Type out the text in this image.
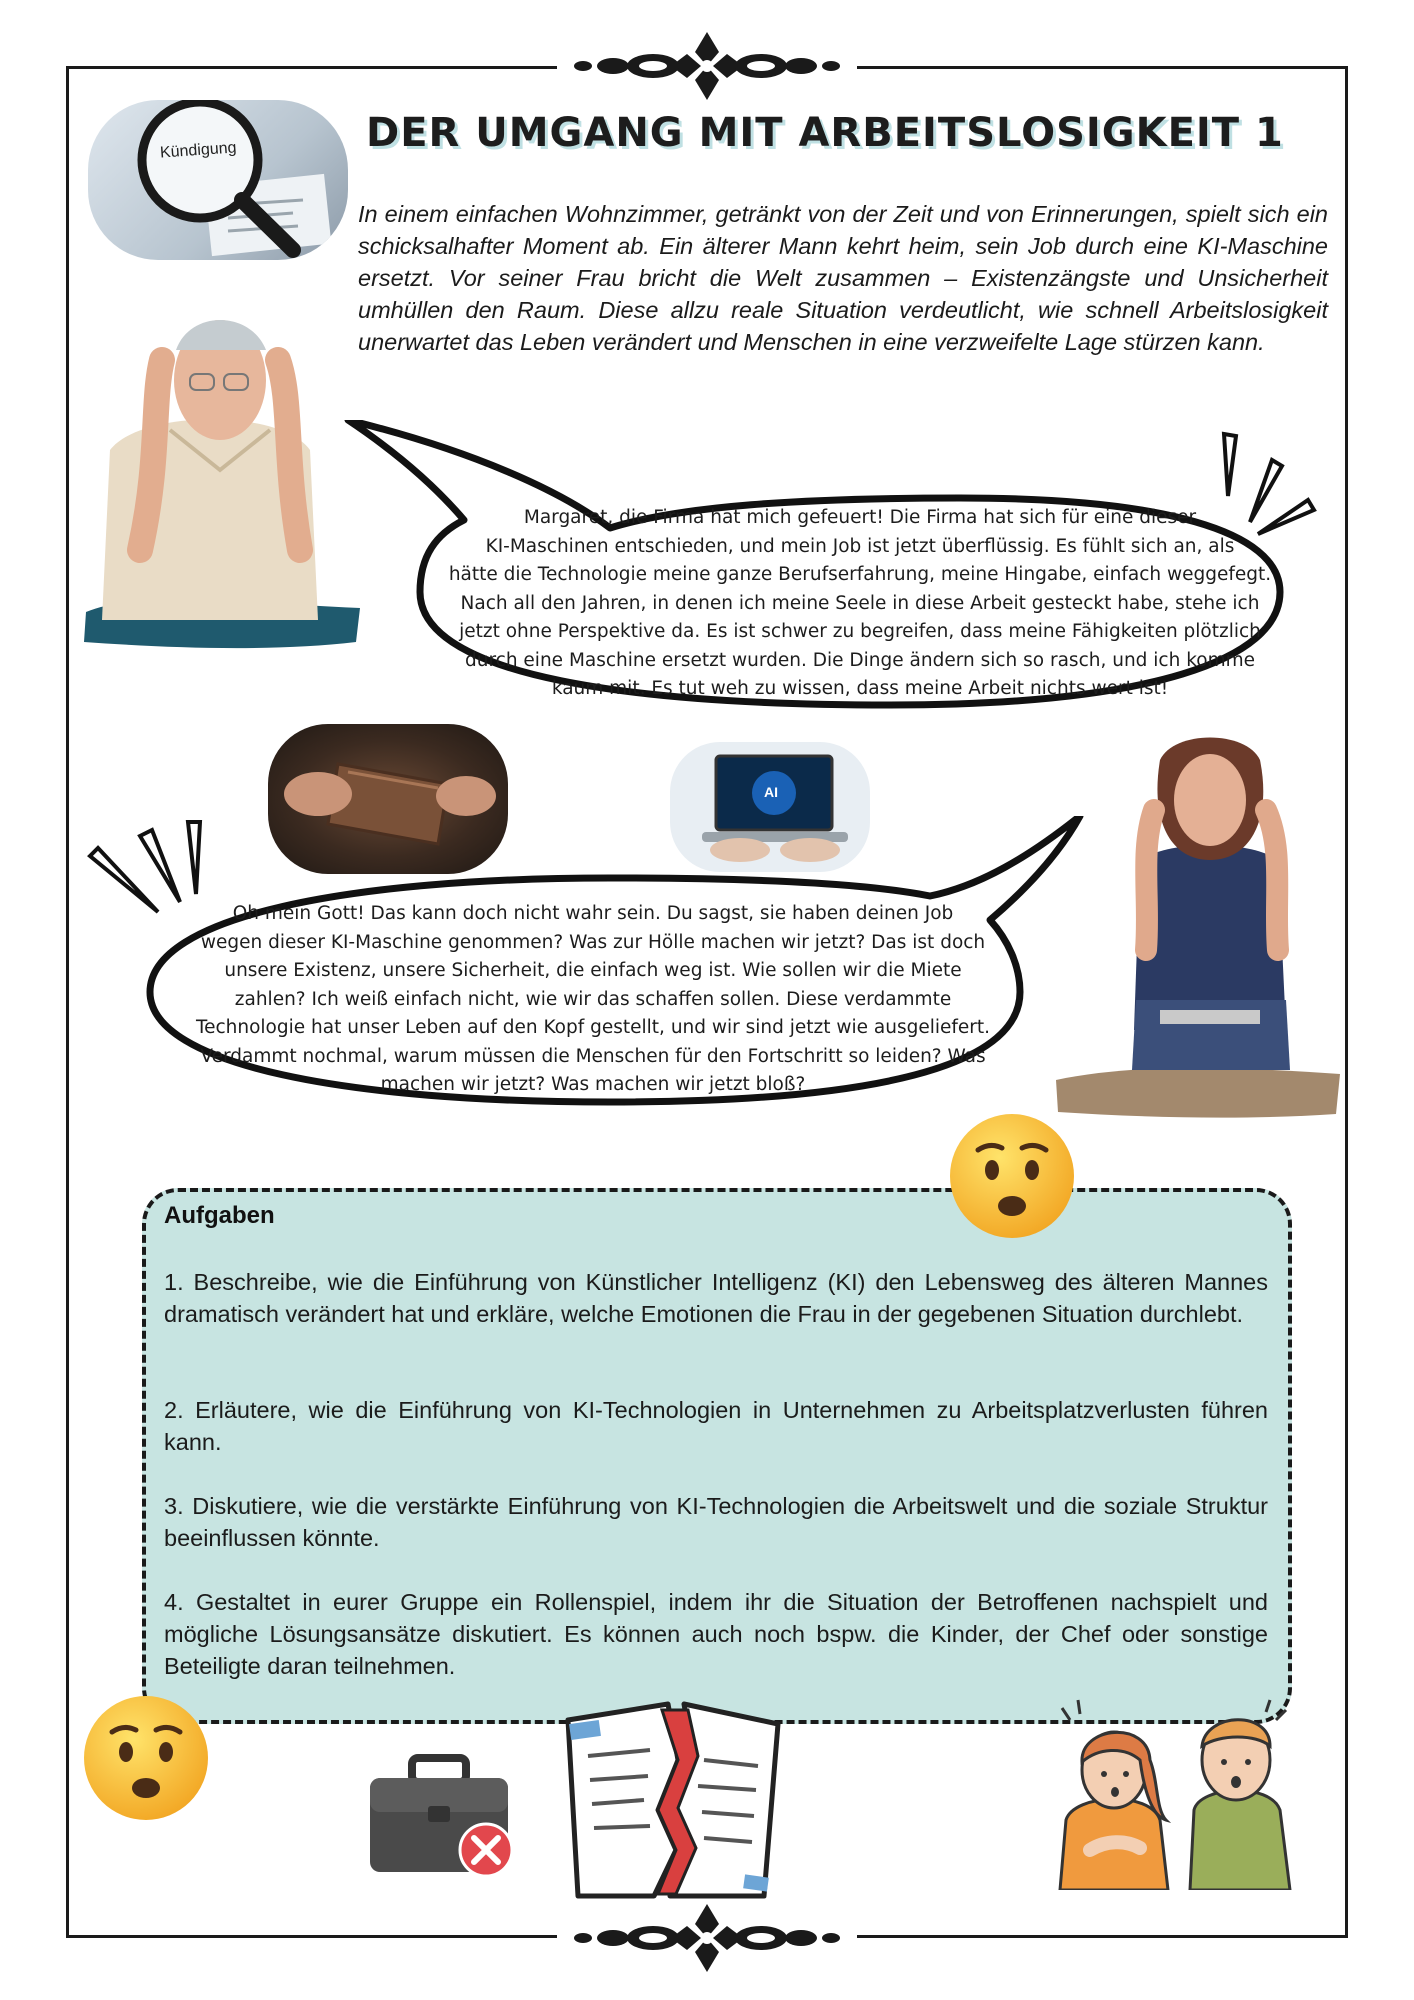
Kündigung	DER UMGANG MIT ARBEITSLOSIGKEIT 1
In einem einfachen Wohnzimmer, getränkt von der Zeit und von Erinnerungen, spielt sich ein schicksalhafter Moment ab. Ein älterer Mann kehrt heim, sein Job durch eine KI-Maschine ersetzt. Vor seiner Frau bricht die Welt zusammen – Existenzängste und Unsicherheit umhüllen den Raum. Diese allzu reale Situation verdeutlicht, wie schnell Arbeitslosigkeit unerwartet das Leben verändert und Menschen in eine verzweifelte Lage stürzen kann.
Margaret, die Firma hat mich gefeuert! Die Firma hat sich für eine dieser
KI-Maschinen entschieden, und mein Job ist jetzt überflüssig. Es fühlt sich an, als
hätte die Technologie meine ganze Berufserfahrung, meine Hingabe, einfach weggefegt.
Nach all den Jahren, in denen ich meine Seele in diese Arbeit gesteckt habe, stehe ich
jetzt ohne Perspektive da. Es ist schwer zu begreifen, dass meine Fähigkeiten plötzlich
durch eine Maschine ersetzt wurden. Die Dinge ändern sich so rasch, und ich komme
kaum mit. Es tut weh zu wissen, dass meine Arbeit nichts wert ist!
AI
Oh mein Gott! Das kann doch nicht wahr sein. Du sagst, sie haben deinen Job
wegen dieser KI-Maschine genommen? Was zur Hölle machen wir jetzt? Das ist doch
unsere Existenz, unsere Sicherheit, die einfach weg ist. Wie sollen wir die Miete
zahlen? Ich weiß einfach nicht, wie wir das schaffen sollen. Diese verdammte
Technologie hat unser Leben auf den Kopf gestellt, und wir sind jetzt wie ausgeliefert.
Verdammt nochmal, warum müssen die Menschen für den Fortschritt so leiden? Was
machen wir jetzt? Was machen wir jetzt bloß?
Aufgaben
1. Beschreibe, wie die Einführung von Künstlicher Intelligenz (KI) den Lebensweg des älteren Mannes dramatisch verändert hat und erkläre, welche Emotionen die Frau in der gegebenen Situation durchlebt.
2. Erläutere, wie die Einführung von KI-Technologien in Unternehmen zu Arbeitsplatzverlusten führen kann.
3. Diskutiere, wie die verstärkte Einführung von KI-Technologien die Arbeitswelt und die soziale Struktur beeinflussen könnte.
4. Gestaltet in eurer Gruppe ein Rollenspiel, indem ihr die Situation der Betroffenen nachspielt und mögliche Lösungsansätze diskutiert. Es können auch noch bspw. die Kinder, der Chef oder sonstige Beteiligte daran teilnehmen.
